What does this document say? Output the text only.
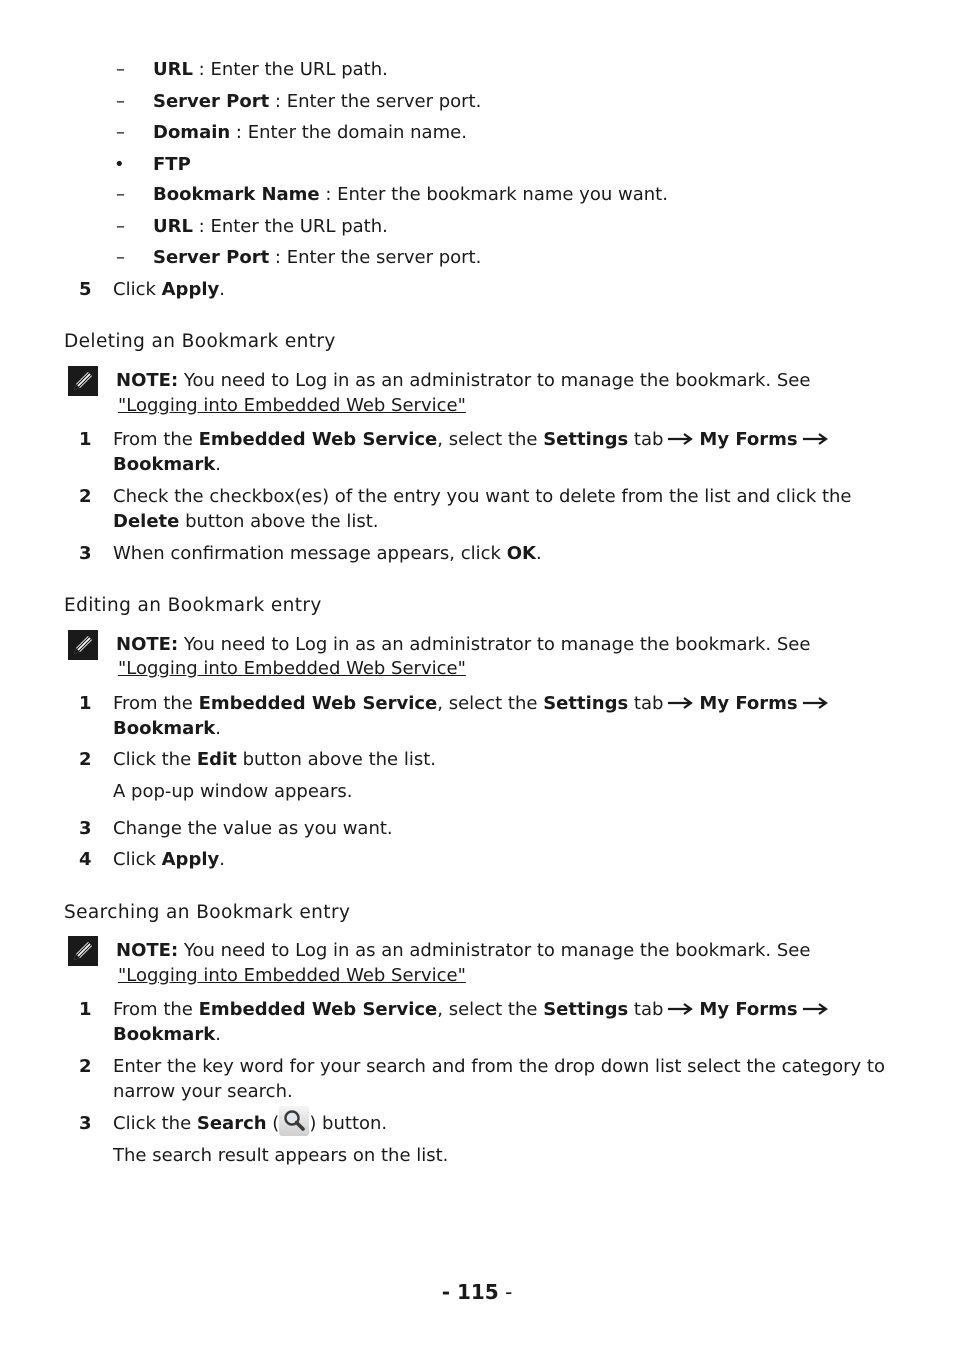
– URL : Enter the URL path.
– Server Port : Enter the server port.
– Domain : Enter the domain name.
• FTP
– Bookmark Name : Enter the bookmark name you want.
– URL : Enter the URL path.
– Server Port : Enter the server port.
5 Click Apply.
Deleting an Bookmark entry
NOTE: You need to Log in as an administrator to manage the bookmark. See
"Logging into Embedded Web Service"
1 From the Embedded Web Service, select the Settings tab My Forms
Bookmark.
2 Check the checkbox(es) of the entry you want to delete from the list and click the
Delete button above the list.
3 When confirmation message appears, click OK.
Editing an Bookmark entry
NOTE: You need to Log in as an administrator to manage the bookmark. See
"Logging into Embedded Web Service"
1 From the Embedded Web Service, select the Settings tab My Forms
Bookmark.
2 Click the Edit button above the list.
A pop-up window appears.
3 Change the value as you want.
4 Click Apply.
Searching an Bookmark entry
NOTE: You need to Log in as an administrator to manage the bookmark. See
"Logging into Embedded Web Service"
1 From the Embedded Web Service, select the Settings tab My Forms
Bookmark.
2 Enter the key word for your search and from the drop down list select the category to
narrow your search.
3 Click the Search ( ) button.
The search result appears on the list.
- 115 -
